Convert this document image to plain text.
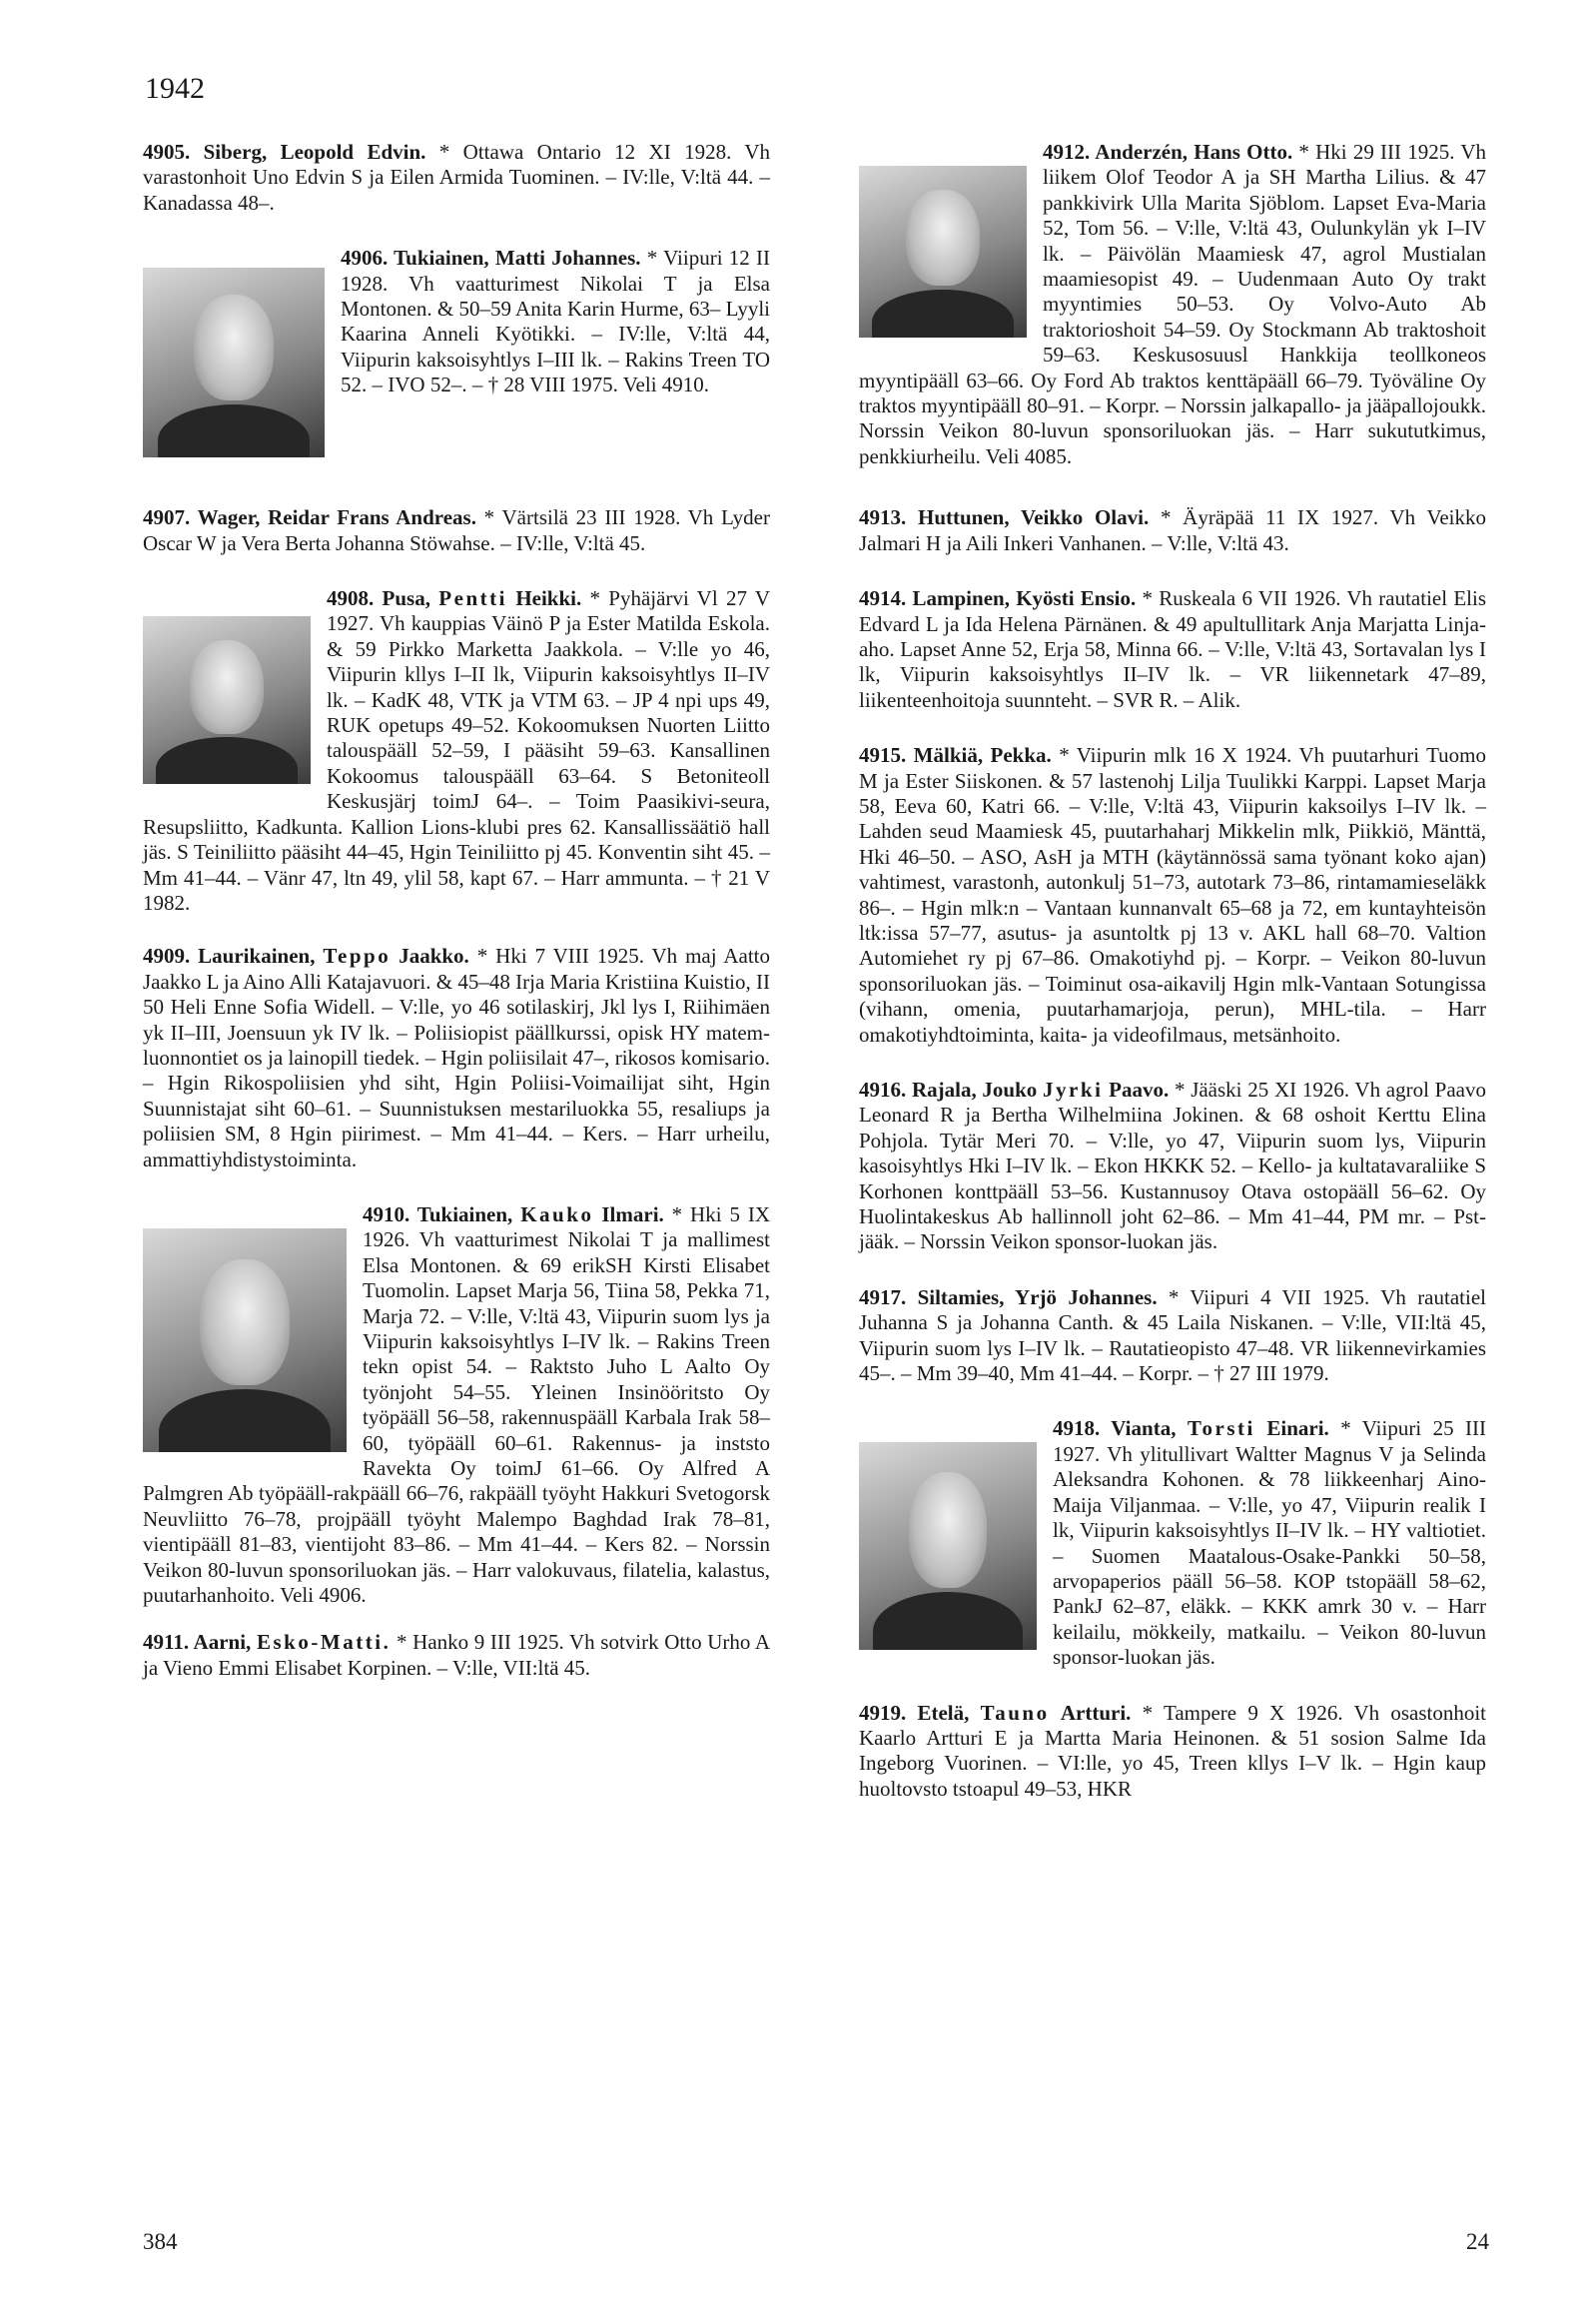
1942

4905. Siberg, Leopold Edvin. * Ottawa Ontario 12 XI 1928. Vh varastonhoit Uno Edvin S ja Eilen Armida Tuominen. – IV:lle, V:ltä 44. – Kanadassa 48–.

4906. Tukiainen, Matti Johannes. * Viipuri 12 II 1928. Vh vaatturimest Nikolai T ja Elsa Montonen. & 50–59 Anita Karin Hurme, 63– Lyyli Kaarina Anneli Kyötikki. – IV:lle, V:ltä 44, Viipurin kaksoisyhtlys I–III lk. – Rakins Treen TO 52. – IVO 52–. – † 28 VIII 1975. Veli 4910.

4907. Wager, Reidar Frans Andreas. * Värtsilä 23 III 1928. Vh Lyder Oscar W ja Vera Berta Johanna Stöwahse. – IV:lle, V:ltä 45.

4908. Pusa, Pentti Heikki. * Pyhäjärvi Vl 27 V 1927. Vh kauppias Väinö P ja Ester Matilda Eskola. & 59 Pirkko Marketta Jaakkola. – V:lle yo 46, Viipurin kllys I–II lk, Viipurin kaksoisyhtlys II–IV lk. – KadK 48, VTK ja VTM 63. – JP 4 npi ups 49, RUK opetups 49–52. Kokoomuksen Nuorten Liitto talouspääll 52–59, I pääsiht 59–63. Kansallinen Kokoomus talouspääll 63–64. S Betoniteoll Keskusjärj toimJ 64–. – Toim Paasikivi-seura, Resupsliitto, Kadkunta. Kallion Lions-klubi pres 62. Kansallissäätiö hall jäs. S Teiniliitto pääsiht 44–45, Hgin Teiniliitto pj 45. Konventin siht 45. – Mm 41–44. – Vänr 47, ltn 49, ylil 58, kapt 67. – Harr ammunta. – † 21 V 1982.

4909. Laurikainen, Teppo Jaakko. * Hki 7 VIII 1925. Vh maj Aatto Jaakko L ja Aino Alli Katajavuori. & 45–48 Irja Maria Kristiina Kuistio, II 50 Heli Enne Sofia Widell. – V:lle, yo 46 sotilaskirj, Jkl lys I, Riihimäen yk II–III, Joensuun yk IV lk. – Poliisiopist päällkurssi, opisk HY matem-luonnontiet os ja lainopill tiedek. – Hgin poliisilait 47–, rikosos komisario. – Hgin Rikospoliisien yhd siht, Hgin Poliisi-Voimailijat siht, Hgin Suunnistajat siht 60–61. – Suunnistuksen mestariluokka 55, resaliups ja poliisien SM, 8 Hgin piirimest. – Mm 41–44. – Kers. – Harr urheilu, ammattiyhdistystoiminta.

4910. Tukiainen, Kauko Ilmari. * Hki 5 IX 1926. Vh vaatturimest Nikolai T ja mallimest Elsa Montonen. & 69 erikSH Kirsti Elisabet Tuomolin. Lapset Marja 56, Tiina 58, Pekka 71, Marja 72. – V:lle, V:ltä 43, Viipurin suom lys ja Viipurin kaksoisyhtlys I–IV lk. – Rakins Treen tekn opist 54. – Raktsto Juho L Aalto Oy työnjoht 54–55. Yleinen Insinööritsto Oy työpääll 56–58, rakennuspääll Karbala Irak 58–60, työpääll 60–61. Rakennus- ja inststo Ravekta Oy toimJ 61–66. Oy Alfred A Palmgren Ab työpääll-rakpääll 66–76, rakpääll työyht Hakkuri Svetogorsk Neuvliitto 76–78, projpääll työyht Malempo Baghdad Irak 78–81, vientipääll 81–83, vientijoht 83–86. – Mm 41–44. – Kers 82. – Norssin Veikon 80-luvun sponsoriluokan jäs. – Harr valokuvaus, filatelia, kalastus, puutarhanhoito. Veli 4906.

4911. Aarni, Esko-Matti. * Hanko 9 III 1925. Vh sotvirk Otto Urho A ja Vieno Emmi Elisabet Korpinen. – V:lle, VII:ltä 45.

4912. Anderzén, Hans Otto. * Hki 29 III 1925. Vh liikem Olof Teodor A ja SH Martha Lilius. & 47 pankkivirk Ulla Marita Sjöblom. Lapset Eva-Maria 52, Tom 56. – V:lle, V:ltä 43, Oulunkylän yk I–IV lk. – Päivölän Maamiesk 47, agrol Mustialan maamiesopist 49. – Uudenmaan Auto Oy trakt myyntimies 50–53. Oy Volvo-Auto Ab traktorioshoit 54–59. Oy Stockmann Ab traktoshoit 59–63. Keskusosuusl Hankkija teollkoneos myyntipääll 63–66. Oy Ford Ab traktos kenttäpääll 66–79. Työväline Oy traktos myyntipääll 80–91. – Korpr. – Norssin jalkapallo- ja jääpallojoukk. Norssin Veikon 80-luvun sponsoriluokan jäs. – Harr sukututkimus, penkkiurheilu. Veli 4085.

4913. Huttunen, Veikko Olavi. * Äyräpää 11 IX 1927. Vh Veikko Jalmari H ja Aili Inkeri Vanhanen. – V:lle, V:ltä 43.

4914. Lampinen, Kyösti Ensio. * Ruskeala 6 VII 1926. Vh rautatiel Elis Edvard L ja Ida Helena Pärnänen. & 49 apultullitark Anja Marjatta Linja-aho. Lapset Anne 52, Erja 58, Minna 66. – V:lle, V:ltä 43, Sortavalan lys I lk, Viipurin kaksoisyhtlys II–IV lk. – VR liikennetark 47–89, liikenteenhoitoja suunnteht. – SVR R. – Alik.

4915. Mälkiä, Pekka. * Viipurin mlk 16 X 1924. Vh puutarhuri Tuomo M ja Ester Siiskonen. & 57 lastenohj Lilja Tuulikki Karppi. Lapset Marja 58, Eeva 60, Katri 66. – V:lle, V:ltä 43, Viipurin kaksoilys I–IV lk. – Lahden seud Maamiesk 45, puutarhaharj Mikkelin mlk, Piikkiö, Mänttä, Hki 46–50. – ASO, AsH ja MTH (käytännössä sama työnant koko ajan) vahtimest, varastonh, autonkulj 51–73, autotark 73–86, rintamamieseläkk 86–. – Hgin mlk:n – Vantaan kunnanvalt 65–68 ja 72, em kuntayhteisön ltk:issa 57–77, asutus- ja asuntoltk pj 13 v. AKL hall 68–70. Valtion Automiehet ry pj 67–86. Omakotiyhd pj. – Korpr. – Veikon 80-luvun sponsoriluokan jäs. – Toiminut osa-aikavilj Hgin mlk-Vantaan Sotungissa (vihann, omenia, puutarhamarjoja, perun), MHL-tila. – Harr omakotiyhdtoiminta, kaita- ja videofilmaus, metsänhoito.

4916. Rajala, Jouko Jyrki Paavo. * Jääski 25 XI 1926. Vh agrol Paavo Leonard R ja Bertha Wilhelmiina Jokinen. & 68 oshoit Kerttu Elina Pohjola. Tytär Meri 70. – V:lle, yo 47, Viipurin suom lys, Viipurin kasoisyhtlys Hki I–IV lk. – Ekon HKKK 52. – Kello- ja kultatavaraliike S Korhonen konttpääll 53–56. Kustannusoy Otava ostopääll 56–62. Oy Huolintakeskus Ab hallinnoll joht 62–86. – Mm 41–44, PM mr. – Pst-jääk. – Norssin Veikon sponsor-luokan jäs.

4917. Siltamies, Yrjö Johannes. * Viipuri 4 VII 1925. Vh rautatiel Juhanna S ja Johanna Canth. & 45 Laila Niskanen. – V:lle, VII:ltä 45, Viipurin suom lys I–IV lk. – Rautatieopisto 47–48. VR liikennevirkamies 45–. – Mm 39–40, Mm 41–44. – Korpr. – † 27 III 1979.

4918. Vianta, Torsti Einari. * Viipuri 25 III 1927. Vh ylitullivart Waltter Magnus V ja Selinda Aleksandra Kohonen. & 78 liikkeenharj Aino-Maija Viljanmaa. – V:lle, yo 47, Viipurin realik I lk, Viipurin kaksoisyhtlys II–IV lk. – HY valtiotiet. – Suomen Maatalous-Osake-Pankki 50–58, arvopaperios pääll 56–58. KOP tstopääll 58–62, PankJ 62–87, eläkk. – KKK amrk 30 v. – Harr keilailu, mökkeily, matkailu. – Veikon 80-luvun sponsor-luokan jäs.

4919. Etelä, Tauno Artturi. * Tampere 9 X 1926. Vh osastonhoit Kaarlo Artturi E ja Martta Maria Heinonen. & 51 sosion Salme Ida Ingeborg Vuorinen. – VI:lle, yo 45, Treen kllys I–V lk. – Hgin kaup huoltovsto tstoapul 49–53, HKR

384	24
